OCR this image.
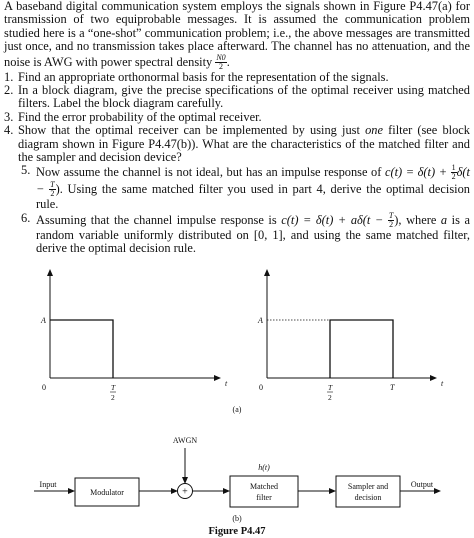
A baseband digital communication system employs the signals shown in Figure P4.47(a) for transmission of two equiprobable messages. It is assumed the communication problem studied here is a “one-shot” communication problem; i.e., the above messages are transmitted just once, and no transmission takes place afterward. The channel has no attenuation, and the noise is AWG with power spectral density $\frac{N0}{2}$ .

1. Find an appropriate orthonormal basis for the representation of the signals.
2. In a block diagram, give the precise specifications of the optimal receiver using matched filters. Label the block diagram carefully.
3. Find the error probability of the optimal receiver.
4. Show that the optimal receiver can be implemented by using just one filter (see block diagram shown in Figure P4.47(b)). What are the characteristics of the matched filter and the sampler and decision device?
5. Now assume the channel is not ideal, but has an impulse response of $c(t) = \delta(t) + \frac{1}{2} \delta(t - \frac{T}{2}$ ). Using the same matched filter you used in part 4, derive the optimal decision rule.
6. Assuming that the channel impulse response is $c(t) = \delta(t) + a\delta(t - \frac{T}{2}$ ), where a is a random variable uniformly distributed on [0, 1], and using the same matched filter, derive the optimal decision rule.
A
0	T
2
t
A
0	T
2
T	t
(a)
AWGN
Input
Modulator	+
h(t)
Matched
filter
Sampler and
decision
Output
(b)
Figure P4.47
